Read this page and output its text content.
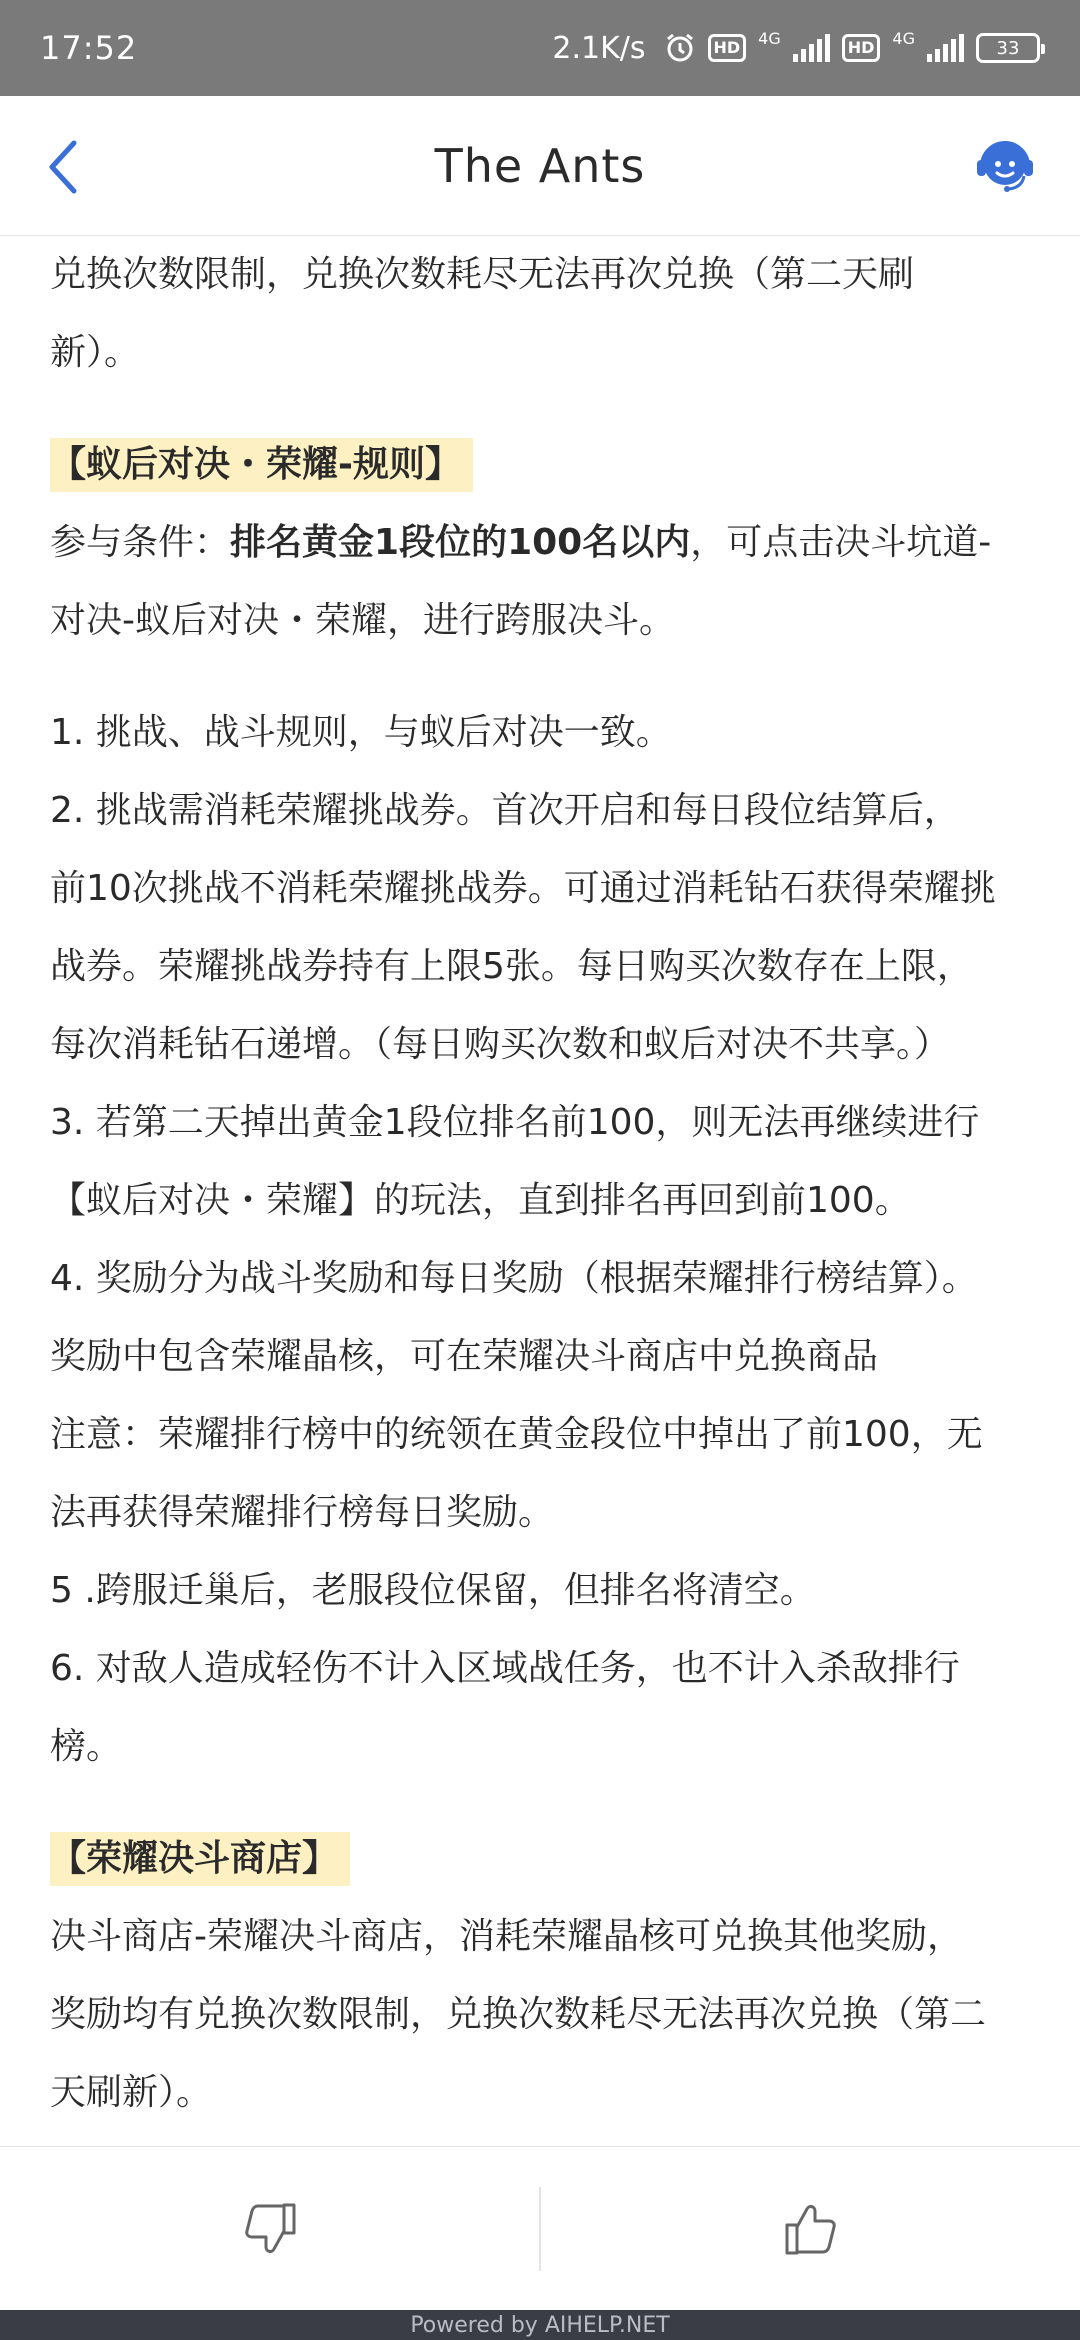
17:52	2.1K/s	HD	4G	HD	4G	33
The Ants

兑换次数限制，兑换次数耗尽无法再次兑换（第二天刷

新）。

【蚁后对决・荣耀-规则】

参与条件：排名黄金1段位的100名以内，可点击决斗坑道-

对决-蚁后对决・荣耀，进行跨服决斗。

1. 挑战、战斗规则，与蚁后对决一致。

2. 挑战需消耗荣耀挑战券。首次开启和每日段位结算后，

前10次挑战不消耗荣耀挑战券。可通过消耗钻石获得荣耀挑

战券。荣耀挑战券持有上限5张。每日购买次数存在上限，

每次消耗钻石递增。（每日购买次数和蚁后对决不共享。）

3. 若第二天掉出黄金1段位排名前100，则无法再继续进行

【蚁后对决・荣耀】的玩法，直到排名再回到前100。

4. 奖励分为战斗奖励和每日奖励（根据荣耀排行榜结算）。

奖励中包含荣耀晶核，可在荣耀决斗商店中兑换商品

注意：荣耀排行榜中的统领在黄金段位中掉出了前100，无

法再获得荣耀排行榜每日奖励。

5 .跨服迁巢后，老服段位保留，但排名将清空。

6. 对敌人造成轻伤不计入区域战任务，也不计入杀敌排行

榜。

【荣耀决斗商店】

决斗商店-荣耀决斗商店，消耗荣耀晶核可兑换其他奖励，

奖励均有兑换次数限制，兑换次数耗尽无法再次兑换（第二

天刷新）。

Powered by AIHELP.NET
